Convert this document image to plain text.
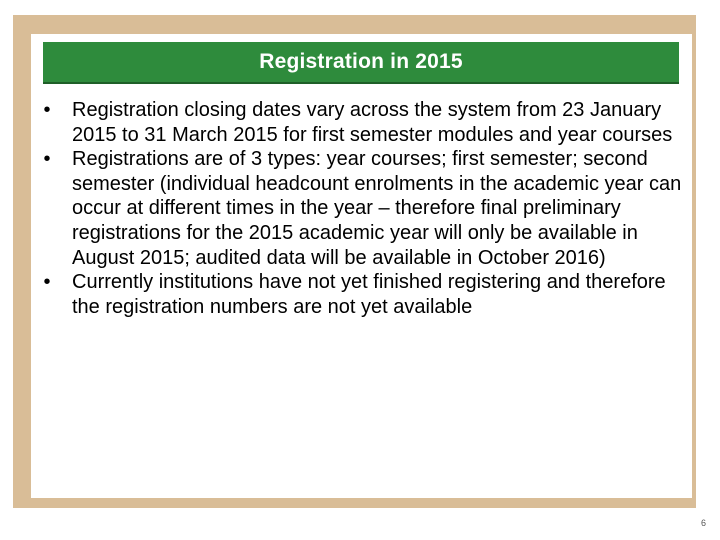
Registration in 2015
• Registration closing dates vary across the system from 23 January 2015 to 31 March 2015 for first semester modules and year courses
• Registrations are of 3 types: year courses; first semester; second semester (individual headcount enrolments in the academic year can occur at different times in the year – therefore final preliminary registrations for the 2015 academic year will only be available in August 2015; audited data will be available in October 2016)
• Currently institutions have not yet finished registering and therefore the registration numbers are not yet available
6
